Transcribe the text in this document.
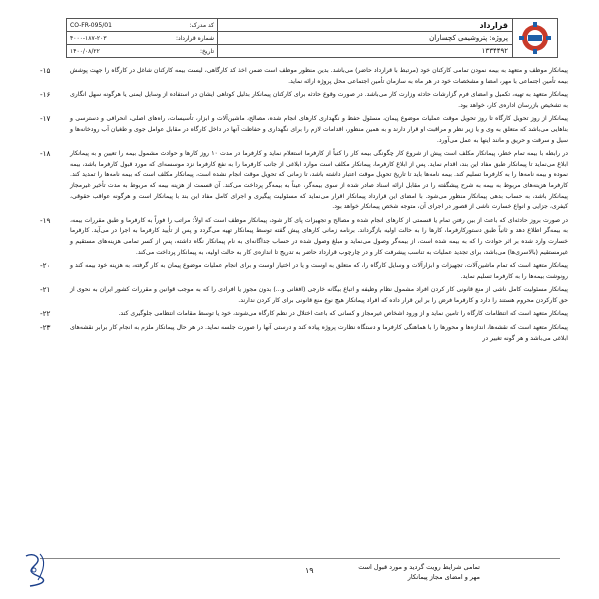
قرارداد
پروژه: پتروشیمی کچساران
۱۳۳۴۴۹۲
کد مدرک:
CO-FR-095/01
شماره قرارداد:
۴۰۰۰-۱۸۷-۲۰۳
تاریخ:
۱۴۰۰/۰۸/۲۲
پیمانکار موظف و متعهد به بیمه نمودن تمامی کارکنان خود (مرتبط با قرارداد حاضر) می‌باشد. بدین منظور موظف است ضمن اخذ کد کارگاهی، لیست بیمه کارکنان شاغل در کارگاه را جهت پوشش بیمه تأمین اجتماعی با مهر، امضا و مشخصات خود در هر ماه به سازمان تأمین اجتماعی محل پروژه ارائه نماید.
-۱۵
پیمانکار متعهد به تهیه، تکمیل و امضای فرم گزارشات حادثه وزارت کار می‌باشد. در صورت وقوع حادثه برای کارکنان پیمانکار بدلیل کوتاهی ایشان در استفاده از وسایل ایمنی یا هرگونه سهل انگاری به تشخیص بازرسان اداره‌ی کار، خواهد بود.
-۱۶
پیمانکار از روز تحویل کارگاه تا روز تحویل موقت عملیات موضوع پیمان، مسئول حفظ و نگهداری کارهای انجام شده، مصالح، ماشین‌آلات و ابزار، تأسیسات، راه‌های اصلی، انحرافی و دسترسی و بناهایی می‌باشد که متعلق به وی و یا زیر نظر و مراقبت او قرار دارند و به همین منظور، اقدامات لازم را برای نگهداری و حفاظت آنها در داخل کارگاه در مقابل عوامل جوی و طغیان آب رودخانه‌ها و سیل و سرقت و حریق و مانند اینها به عمل می‌آورد.
-۱۷
در رابطه با بیمه تمام خطر، پیمانکار مکلف است پیش از شروع کار چگونگی بیمه کار را کتباً از کارفرما استعلام نماید و کارفرما در مدت ۱۰ روز کارها و حوادث مشمول بیمه را تعیین و به پیمانکار ابلاغ می‌نماید تا پیمانکار طبق مفاد این بند، اقدام نماید. پس از ابلاغ کارفرما، پیمانکار مکلف است موارد ابلاغی از جانب کارفرما را به نفع کارفرما نزد موسسه‌ای که مورد قبول کارفرما باشد، بیمه نموده و بیمه نامه‌ها را به کارفرما تسلیم کند. بیمه نامه‌ها باید تا تاریخ تحویل موقت اعتبار داشته باشد، تا زمانی که تحویل موقت انجام نشده است، پیمانکار مکلف است که بیمه نامه‌ها را تمدید کند. کارفرما هزینه‌های مربوط به بیمه به شرح پیشگفته را در مقابل ارائه اسناد صادر شده از سوی بیمه‌گر، عیناً به بیمه‌گر پرداخت می‌کند. آن قسمت از هزینه بیمه که مربوط به مدت تأخیر غیرمجاز پیمانکار باشد، به حساب بدهی پیمانکار منظور می‌شود. با امضای این قرارداد پیمانکار اقرار می‌نماید که مسئولیت پیگیری و اجرای کامل مفاد این بند با پیمانکار است و هرگونه عواقب حقوقی، کیفری، جزایی و انواع خسارت ناشی از قصور در اجرای آن، متوجه شخص پیمانکار خواهد بود.
-۱۸
در صورت بروز حادثه‌ای که باعث از بین رفتن تمام یا قسمتی از کارهای انجام شده و مصالح و تجهیزات پای کار شود، پیمانکار موظف است که اولاً: مراتب را فوراً به کارفرما و طبق مقررات بیمه، به بیمه‌گر اطلاع دهد و ثانیاً طبق دستورکارفرما، کارها را به حالت اولیه بازگرداند. برنامه زمانی کارهای پیش گفته توسط پیمانکار تهیه می‌گردد و پس از تأیید کارفرما به اجرا در می‌آید. کارفرما خسارت وارد شده بر اثر حوادث را که به بیمه شده است، از بیمه‌گر وصول می‌نماید و مبلغ وصول شده در حساب جداگانه‌ای به نام پیمانکار نگاه داشته، پس از کسر تمامی هزینه‌های مستقیم و غیرمستقیم (بالاسری‌ها) می‌باشد، برای تجدید عملیات به تناسب پیشرفت کار و در چارچوب قرارداد حاضر به تدریج تا اندازه‌ی کار به حالت اولیه، به پیمانکار پرداخت می‌کند.
-۱۹
پیمانکار متعهد است که تمام ماشین‌آلات، تجهیزات و ابزارآلات و وسایل کارگاه را، که متعلق به اوست و یا در اختیار اوست و برای انجام عملیات موضوع پیمان به کار گرفته، به هزینه خود بیمه کند و رونوشت بیمه‌ها را به کارفرما تسلیم نماید.
-۲۰
پیمانکار مسئولیت کامل ناشی از منع قانونی کار کردن افراد مشمول نظام وظیفه و اتباع بیگانه خارجی (افغانی و...) بدون مجوز یا افرادی را که به موجب قوانین و مقررات کشور ایران به نحوی از حق کارکردن محروم هستند را دارد و کارفرما فرض را بر این قرار داده که افراد پیمانکار هیچ نوع منع قانونی برای کار کردن ندارند.
-۲۱
پیمانکار متعهد است که انتظامات کارگاه را تامین نماید و از ورود اشخاص غیرمجاز و کسانی که باعث اختلال در نظم کارگاه می‌شوند، خود یا توسط مقامات انتظامی جلوگیری کند.
-۲۲
پیمانکار متعهد است که نقشه‌ها، اندازه‌ها و محورها را با هماهنگی کارفرما و دستگاه نظارت پروژه پیاده کند و درستی آنها را صورت جلسه نماید. در هر حال پیمانکار ملزم به انجام کار برابر نقشه‌های ابلاغی می‌باشد و هر گونه تغییر در
-۲۳
۱۹	تمامی شرایط رویت گردید و مورد قبول است
مهر و امضای مجاز پیمانکار
